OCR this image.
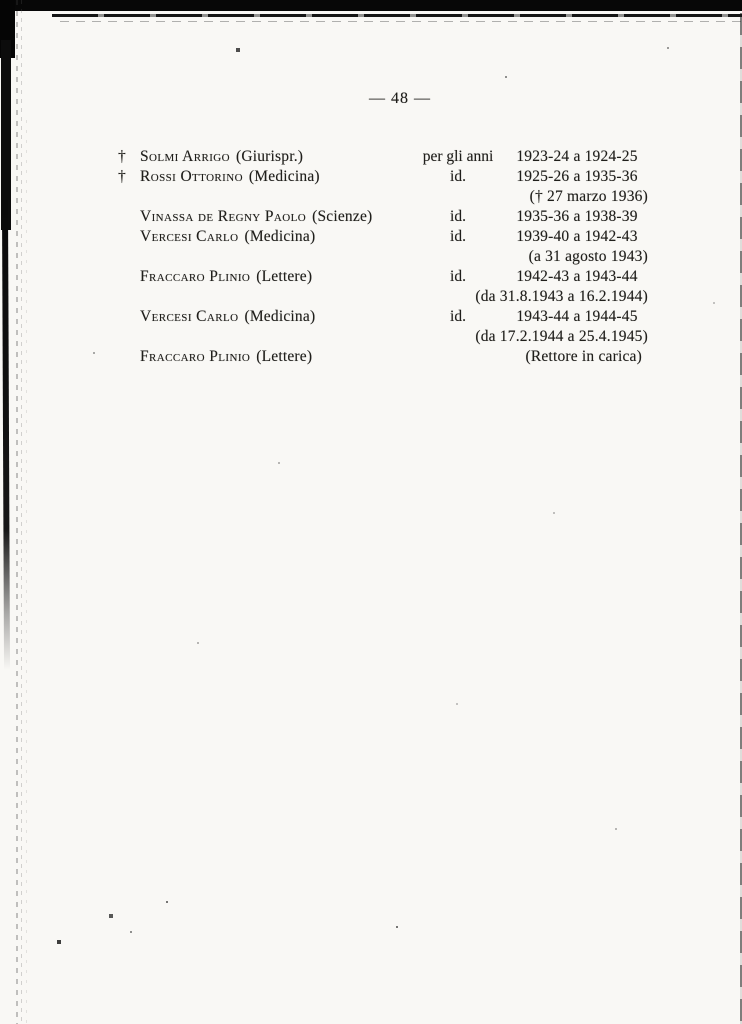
— 48 —
† Solmi Arrigo (Giurispr.)	per gli anni	1923-24 a 1924-25
† Rossi Ottorino (Medicina)	id.	1925-26 a 1935-36
(† 27 marzo 1936)
Vinassa de Regny Paolo (Scienze)	id.	1935-36 a 1938-39
Vercesi Carlo (Medicina)	id.	1939-40 a 1942-43
(a 31 agosto 1943)
Fraccaro Plinio (Lettere)	id.	1942-43 a 1943-44
(da 31.8.1943 a 16.2.1944)
Vercesi Carlo (Medicina)	id.	1943-44 a 1944-45
(da 17.2.1944 a 25.4.1945)
Fraccaro Plinio (Lettere)	(Rettore in carica)
